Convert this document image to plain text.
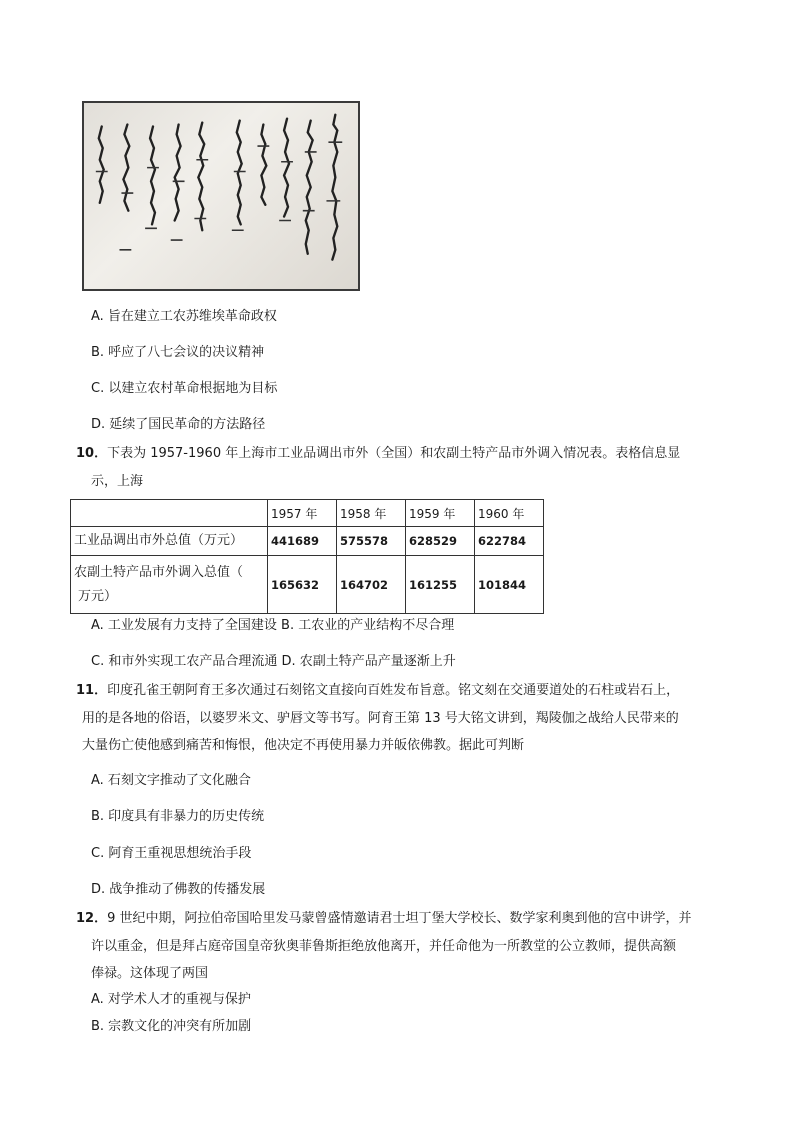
A. 旨在建立工农苏维埃革命政权
B. 呼应了八七会议的决议精神
C. 以建立农村革命根据地为目标
D. 延续了国民革命的方法路径
10．下表为 1957-1960 年上海市工业品调出市外（全国）和农副土特产品市外调入情况表。表格信息显
示，上海
	1957 年	1958 年	1959 年	1960 年
工业品调出市外总值（万元）	441689	575578	628529	622784

农副土特产品市外调入总值（
万元）	165632	164702	161255	101844
A. 工业发展有力支持了全国建设 B. 工农业的产业结构不尽合理
C. 和市外实现工农产品合理流通 D. 农副土特产品产量逐渐上升
11．印度孔雀王朝阿育王多次通过石刻铭文直接向百姓发布旨意。铭文刻在交通要道处的石柱或岩石上，
用的是各地的俗语，以婆罗米文、驴唇文等书写。阿育王第 13 号大铭文讲到，羯陵伽之战给人民带来的
大量伤亡使他感到痛苦和悔恨，他决定不再使用暴力并皈依佛教。据此可判断
A. 石刻文字推动了文化融合
B. 印度具有非暴力的历史传统
C. 阿育王重视思想统治手段
D. 战争推动了佛教的传播发展
12．9 世纪中期，阿拉伯帝国哈里发马蒙曾盛情邀请君士坦丁堡大学校长、数学家利奥到他的宫中讲学，并
许以重金，但是拜占庭帝国皇帝狄奥菲鲁斯拒绝放他离开，并任命他为一所教堂的公立教师，提供高额
俸禄。这体现了两国
A. 对学术人才的重视与保护
B. 宗教文化的冲突有所加剧
